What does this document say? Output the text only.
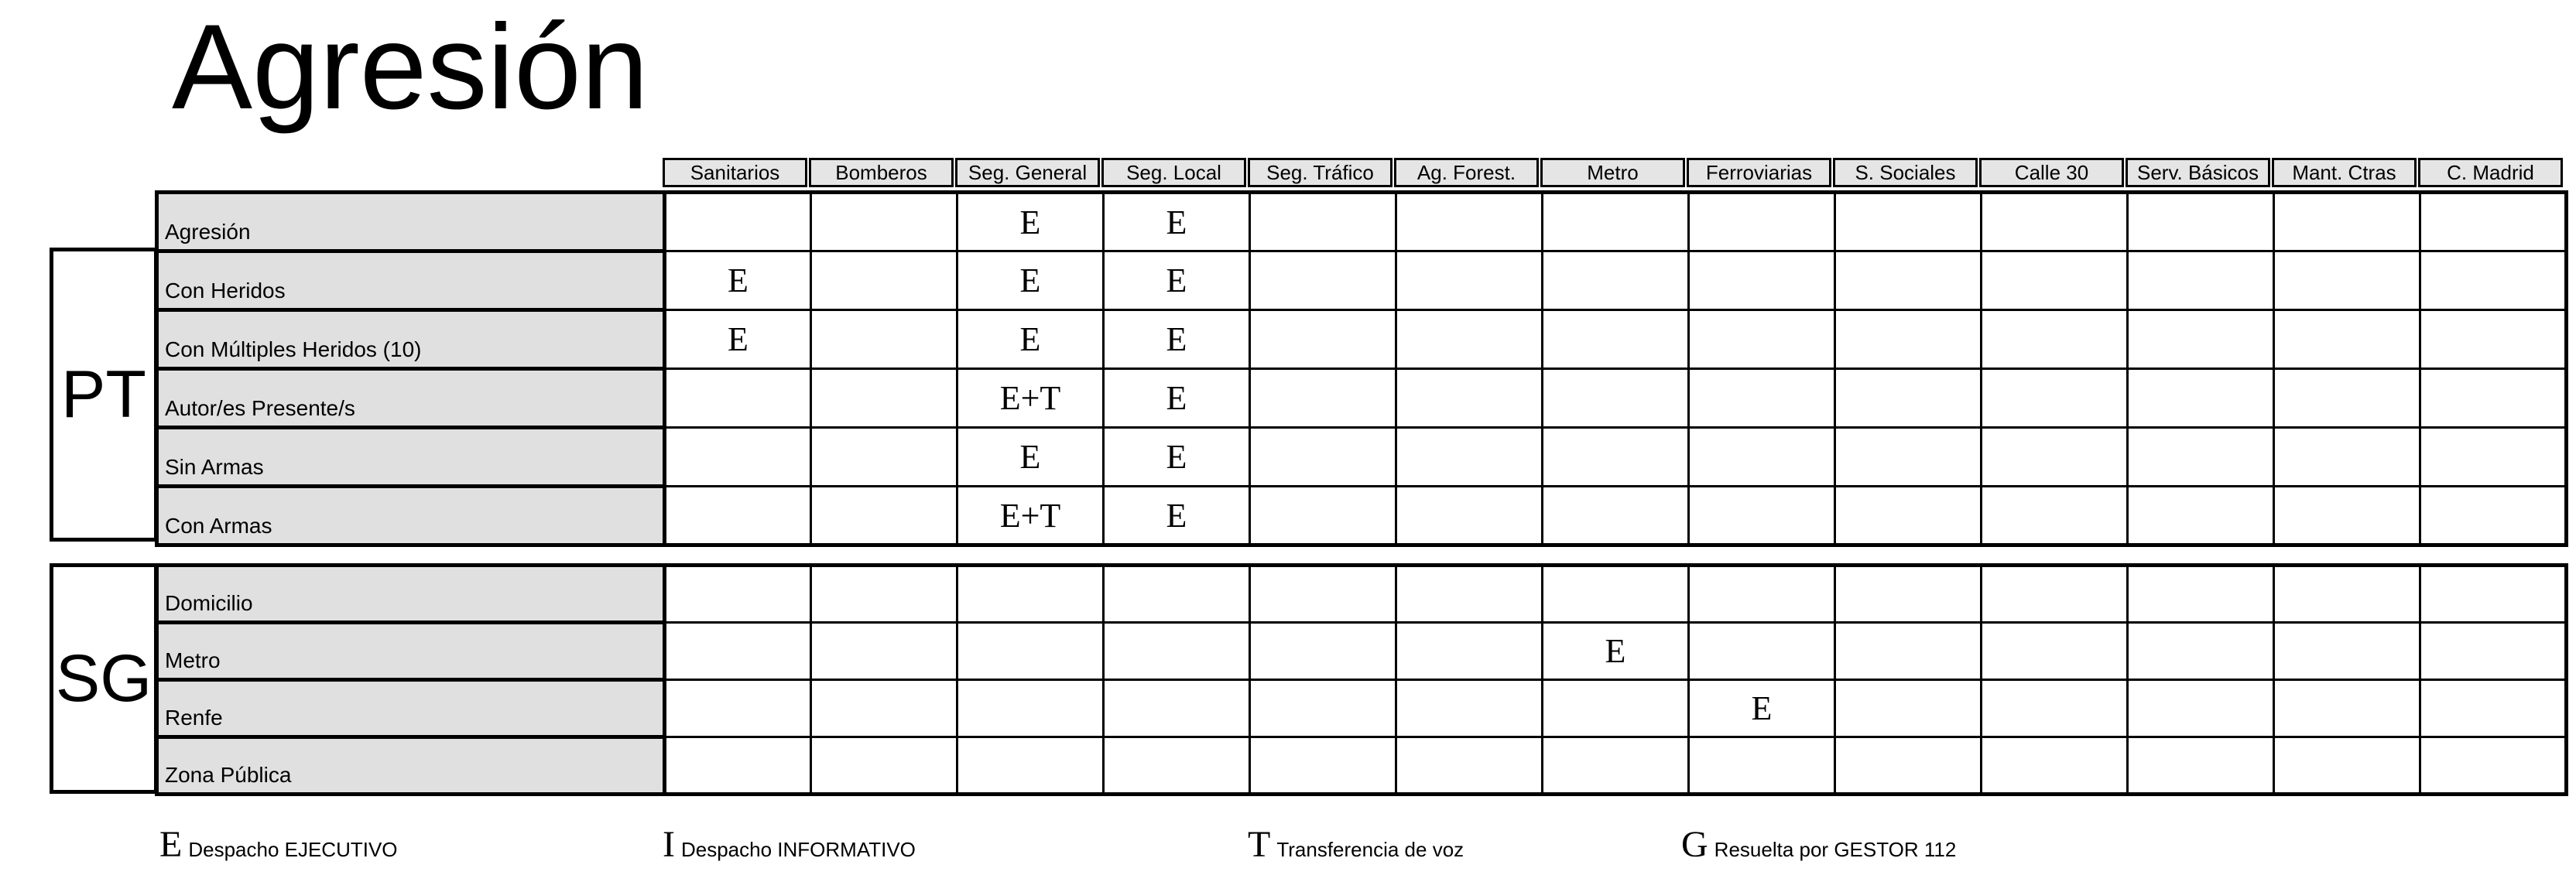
Agresión
Sanitarios	Bomberos	Seg. General	Seg. Local	Seg. Tráfico	Ag. Forest.	Metro	Ferroviarias	S. Sociales	Calle 30	Serv. Básicos	Mant. Ctras	C. Madrid
PT
Agresión			E	E									
Con Heridos	E		E	E									
Con Múltiples Heridos (10)	E		E	E									
Autor/es Presente/s			E+T	E									
Sin Armas			E	E									
Con Armas			E+T	E									
SG
Domicilio													
Metro							E						
Renfe								E					
Zona Pública													
E Despacho EJECUTIVO	I Despacho INFORMATIVO	T Transferencia de voz	G Resuelta por GESTOR 112
